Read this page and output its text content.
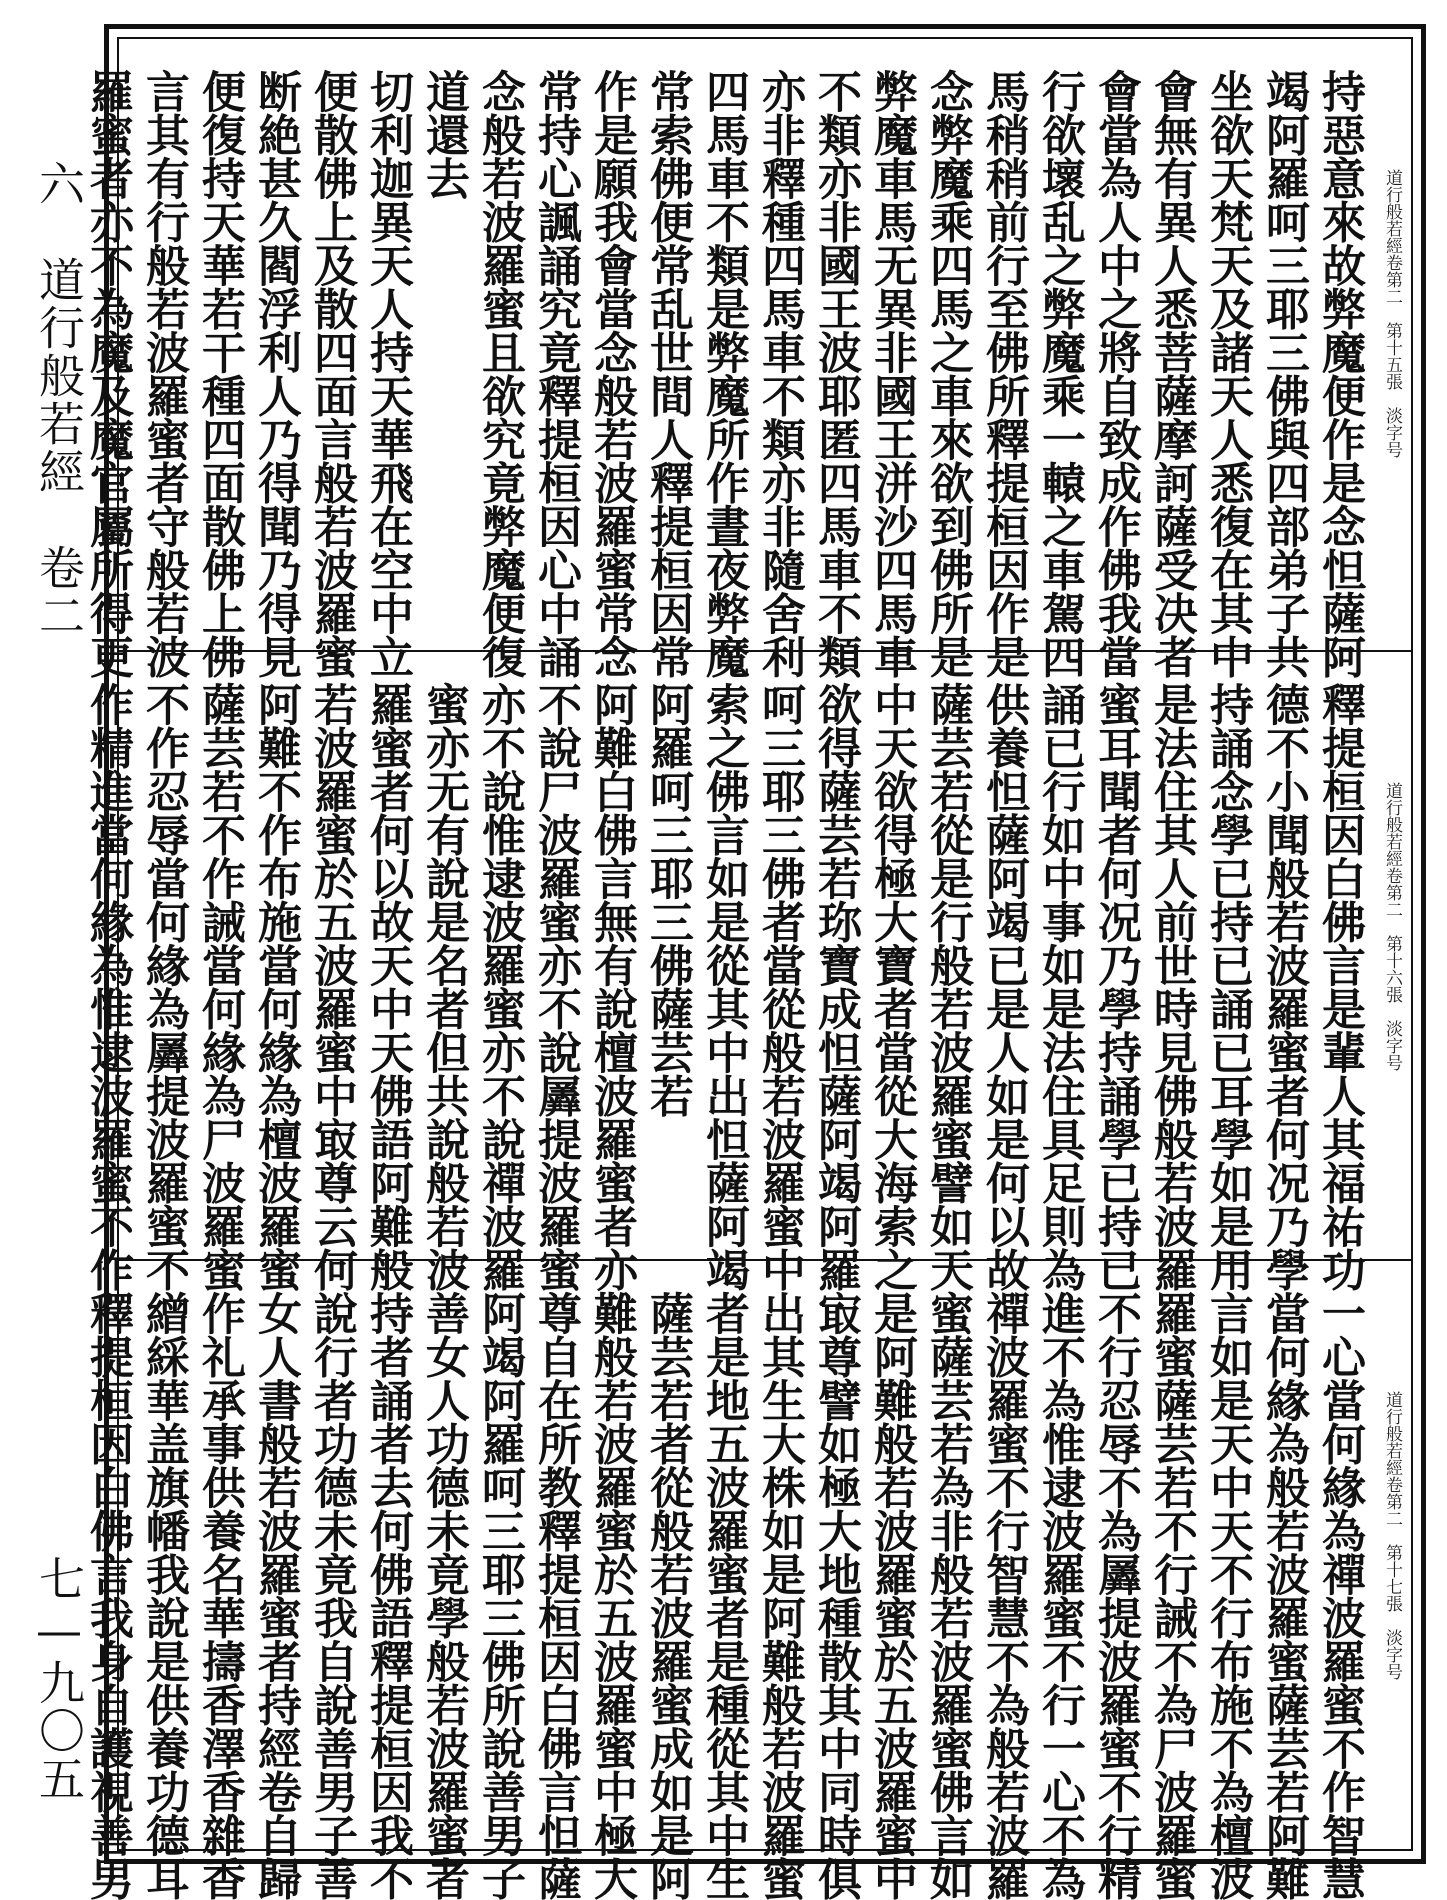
六　道行般若經　卷二
七—九〇五
道行般若經卷第二　第十五張　淡字号
持惡意來故弊魔便作是念怛薩阿
竭阿羅呵三耶三佛與四部弟子共
坐欲天梵天及諸天人悉復在其中
會無有異人悉菩薩摩訶薩受决者
會當為人中之將自致成作佛我當
行欲壞乱之弊魔乘一轅之車駕四
馬稍稍前行至佛所釋提桓因作是
念弊魔乘四馬之車來欲到佛所是
弊魔車馬无異非國王洴沙四馬車
不類亦非國王波耶匿四馬車不類
亦非釋種四馬車不類亦非隨舍利
四馬車不類是弊魔所作晝夜弊魔
常索佛便常乱世間人釋提桓因常
作是願我會當念般若波羅蜜常念
常持心諷誦究竟釋提桓因心中誦
念般若波羅蜜且欲究竟弊魔便復
道還去
切利迦異天人持天華飛在空中立
便散佛上及散四面言般若波羅蜜
断絶甚久閻浮利人乃得聞乃得見
便復持天華若干種四面散佛上佛
言其有行般若波羅蜜者守般若波
羅蜜者亦不為魔及魔官屬所得更
道行般若經卷第二　第十六張　淡字号
釋提桓因白佛言是輩人其福祐功
德不小聞般若波羅蜜者何况乃學
持誦念學已持已誦已耳學如是用
是法住其人前世時見佛般若波羅
蜜耳聞者何况乃學持誦學已持已
誦已行如中事如是法住具足則為
供養怛薩阿竭已是人如是何以故
薩芸若從是行般若波羅蜜譬如天
中天欲得極大寶者當從大海索之
欲得薩芸若珎寶成怛薩阿竭阿羅
呵三耶三佛者當從般若波羅蜜中
索之佛言如是從其中出怛薩阿竭
阿羅呵三耶三佛薩芸若
阿難白佛言無有說檀波羅蜜者亦
不說尸波羅蜜亦不說羼提波羅蜜
亦不說惟逮波羅蜜亦不說禪波羅
蜜亦无有說是名者但共說般若波
羅蜜者何以故天中天佛語阿難般
若波羅蜜於五波羅蜜中㝡尊云何
阿難不作布施當何緣為檀波羅蜜
薩芸若不作誡當何緣為尸波羅蜜
不作忍辱當何緣為羼提波羅蜜不
作精進當何緣為惟逮波羅蜜不作
道行般若經卷第二　第十七張　淡字号
一心當何緣為禪波羅蜜不作智慧
當何緣為般若波羅蜜薩芸若阿難
言如是天中天不行布施不為檀波
羅蜜薩芸若不行誡不為尸波羅蜜
不行忍辱不為羼提波羅蜜不行精
進不為惟逮波羅蜜不行一心不為
禪波羅蜜不行智慧不為般若波羅
蜜薩芸若為非般若波羅蜜佛言如
是阿難般若波羅蜜於五波羅蜜中
㝡尊譬如極大地種散其中同時俱
出其生大株如是阿難般若波羅蜜
者是地五波羅蜜者是種從其中生
薩芸若者從般若波羅蜜成如是阿
難般若波羅蜜於五波羅蜜中極大
尊自在所教釋提桓因白佛言怛薩
阿竭阿羅呵三耶三佛所說善男子
善女人功德未竟學般若波羅蜜者
持者誦者去何佛語釋提桓因我不
說行者功德未竟我自說善男子善
女人書般若波羅蜜者持經卷自歸
作礼承事供養名華擣香澤香雜香
繒綵華盖旗幡我說是供養功德耳
釋提桓因白佛言我身自護視善男
